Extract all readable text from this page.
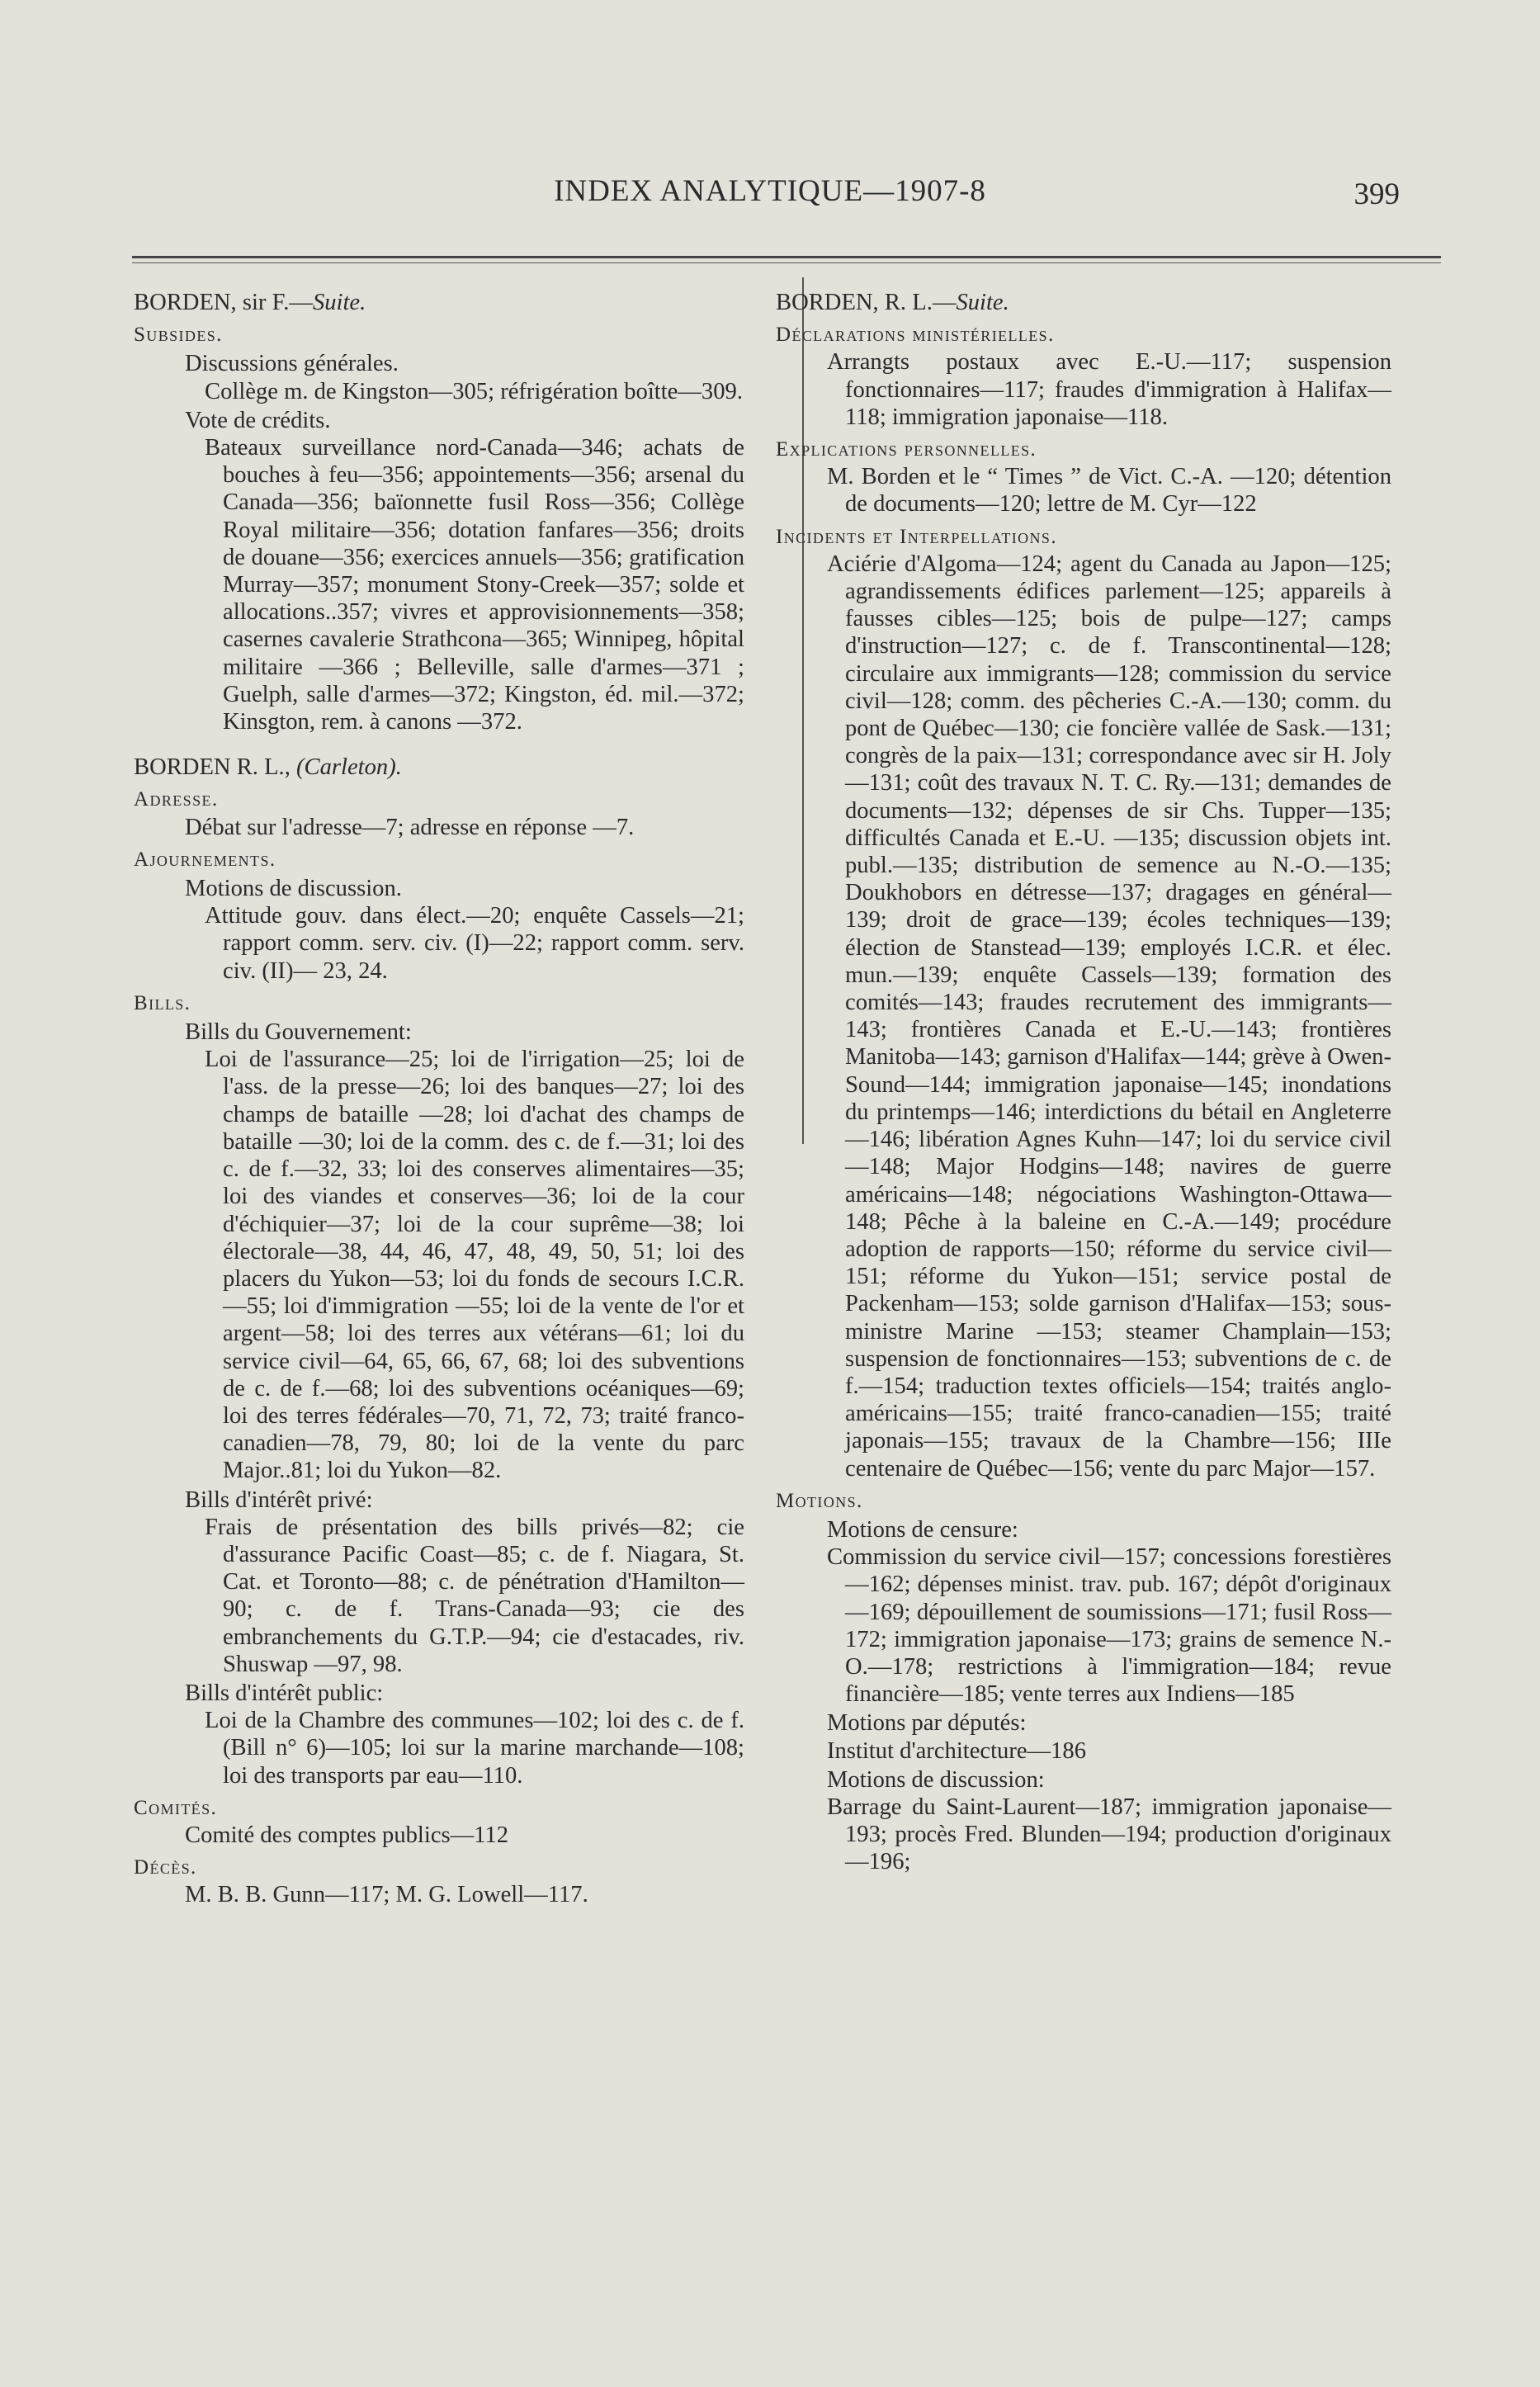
INDEX ANALYTIQUE—1907-8	399
BORDEN, sir F.—Suite.
Subsides.
Discussions générales.
Collège m. de Kingston—305; réfrigération boîtte—309.
Vote de crédits.
Bateaux surveillance nord-Canada—346; achats de bouches à feu—356; appointements—356; arsenal du Canada—356; baïonnette fusil Ross—356; Collège Royal militaire—356; dotation fanfares—356; droits de douane—356; exercices annuels—356; gratification Murray—357; monument Stony-Creek—357; solde et allocations..357; vivres et approvisionnements—358; casernes cavalerie Strathcona—365; Winnipeg, hôpital militaire —366 ; Belleville, salle d'armes—371 ; Guelph, salle d'armes—372; Kingston, éd. mil.—372; Kinsgton, rem. à canons —372.
BORDEN R. L., (Carleton).
Adresse.
Débat sur l'adresse—7; adresse en réponse —7.
Ajournements.
Motions de discussion.
Attitude gouv. dans élect.—20; enquête Cassels—21; rapport comm. serv. civ. (I)—22; rapport comm. serv. civ. (II)— 23, 24.
Bills.
Bills du Gouvernement:
Loi de l'assurance—25; loi de l'irrigation—25; loi de l'ass. de la presse—26; loi des banques—27; loi des champs de bataille —28; loi d'achat des champs de bataille —30; loi de la comm. des c. de f.—31; loi des c. de f.—32, 33; loi des conserves alimentaires—35; loi des viandes et conserves—36; loi de la cour d'échiquier—37; loi de la cour suprême—38; loi électorale—38, 44, 46, 47, 48, 49, 50, 51; loi des placers du Yukon—53; loi du fonds de secours I.C.R.—55; loi d'immigration —55; loi de la vente de l'or et argent—58; loi des terres aux vétérans—61; loi du service civil—64, 65, 66, 67, 68; loi des subventions de c. de f.—68; loi des subventions océaniques—69; loi des terres fédérales—70, 71, 72, 73; traité franco-canadien—78, 79, 80; loi de la vente du parc Major..81; loi du Yukon—82.
Bills d'intérêt privé:
Frais de présentation des bills privés—82; cie d'assurance Pacific Coast—85; c. de f. Niagara, St. Cat. et Toronto—88; c. de pénétration d'Hamilton—90; c. de f. Trans-Canada—93; cie des embranchements du G.T.P.—94; cie d'estacades, riv. Shuswap —97, 98.
Bills d'intérêt public:
Loi de la Chambre des communes—102; loi des c. de f. (Bill n° 6)—105; loi sur la marine marchande—108; loi des transports par eau—110.
Comités.
Comité des comptes publics—112
Décès.
M. B. B. Gunn—117; M. G. Lowell—117.
BORDEN, R. L.—Suite.
Déclarations ministérielles.
Arrangts postaux avec E.-U.—117; suspension fonctionnaires—117; fraudes d'immigration à Halifax—118; immigration japonaise—118.
Explications personnelles.
M. Borden et le “ Times ” de Vict. C.-A. —120; détention de documents—120; lettre de M. Cyr—122
Incidents et Interpellations.
Aciérie d'Algoma—124; agent du Canada au Japon—125; agrandissements édifices parlement—125; appareils à fausses cibles—125; bois de pulpe—127; camps d'instruction—127; c. de f. Transcontinental—128; circulaire aux immigrants—128; commission du service civil—128; comm. des pêcheries C.-A.—130; comm. du pont de Québec—130; cie foncière vallée de Sask.—131; congrès de la paix—131; correspondance avec sir H. Joly—131; coût des travaux N. T. C. Ry.—131; demandes de documents—132; dépenses de sir Chs. Tupper—135; difficultés Canada et E.-U. —135; discussion objets int. publ.—135; distribution de semence au N.-O.—135; Doukhobors en détresse—137; dragages en général—139; droit de grace—139; écoles techniques—139; élection de Stanstead—139; employés I.C.R. et élec. mun.—139; enquête Cassels—139; formation des comités—143; fraudes recrutement des immigrants—143; frontières Canada et E.-U.—143; frontières Manitoba—143; garnison d'Halifax—144; grève à Owen-Sound—144; immigration japonaise—145; inondations du printemps—146; interdictions du bétail en Angleterre—146; libération Agnes Kuhn—147; loi du service civil—148; Major Hodgins—148; navires de guerre américains—148; négociations Washington-Ottawa—148; Pêche à la baleine en C.-A.—149; procédure adoption de rapports—150; réforme du service civil—151; réforme du Yukon—151; service postal de Packenham—153; solde garnison d'Halifax—153; sous-ministre Marine —153; steamer Champlain—153; suspension de fonctionnaires—153; subventions de c. de f.—154; traduction textes officiels—154; traités anglo-américains—155; traité franco-canadien—155; traité japonais—155; travaux de la Chambre—156; IIIe centenaire de Québec—156; vente du parc Major—157.
Motions.
Motions de censure:
Commission du service civil—157; concessions forestières—162; dépenses minist. trav. pub. 167; dépôt d'originaux—169; dépouillement de soumissions—171; fusil Ross—172; immigration japonaise—173; grains de semence N.-O.—178; restrictions à l'immigration—184; revue financière—185; vente terres aux Indiens—185
Motions par députés:
Institut d'architecture—186
Motions de discussion:
Barrage du Saint-Laurent—187; immigration japonaise—193; procès Fred. Blunden—194; production d'originaux—196;
